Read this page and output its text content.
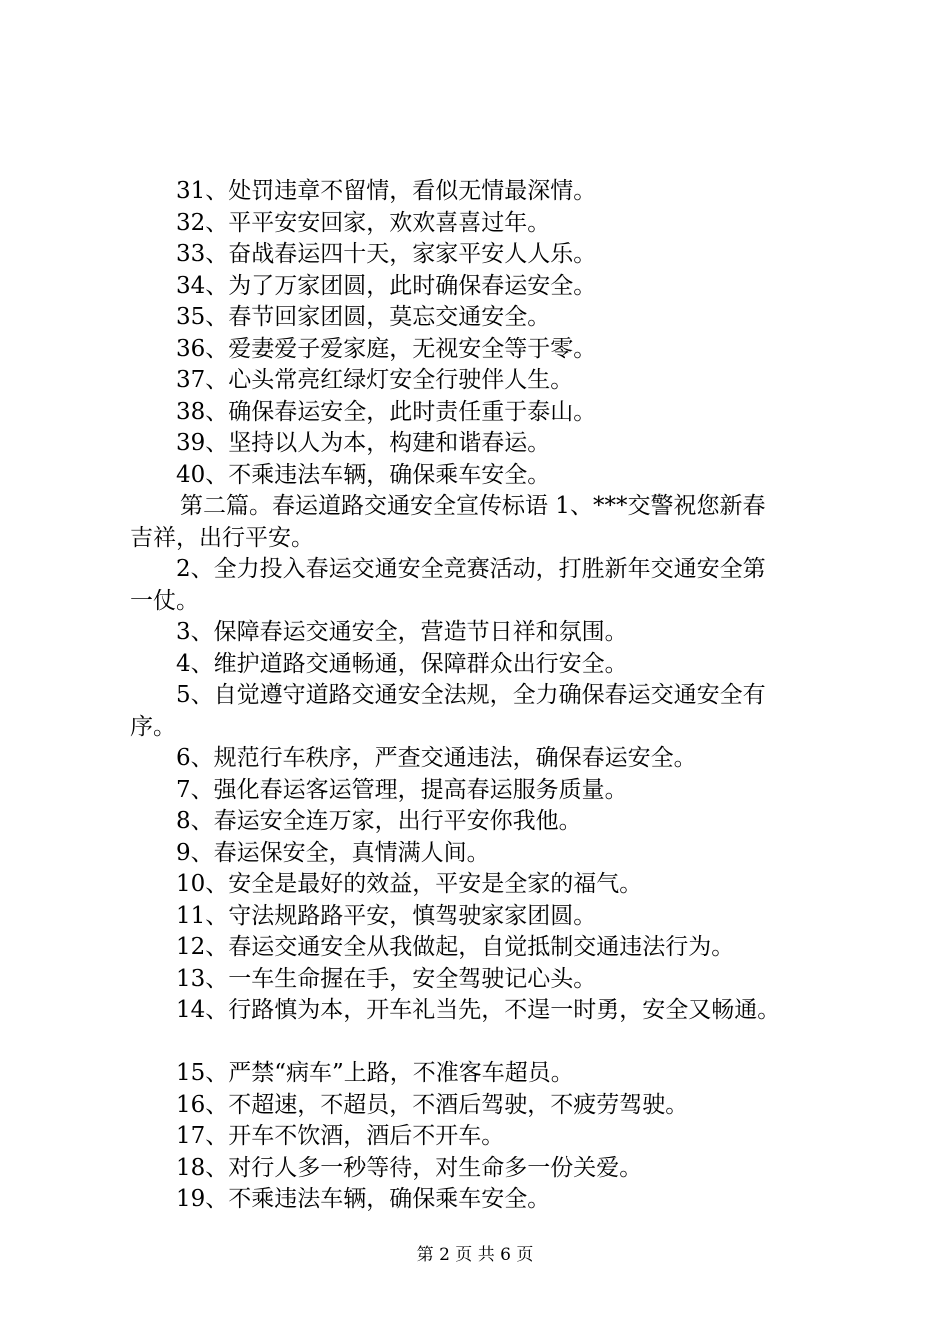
31、处罚违章不留情，看似无情最深情。
32、平平安安回家，欢欢喜喜过年。
33、奋战春运四十天，家家平安人人乐。
34、为了万家团圆，此时确保春运安全。
35、春节回家团圆，莫忘交通安全。
36、爱妻爱子爱家庭，无视安全等于零。
37、心头常亮红绿灯安全行驶伴人生。
38、确保春运安全，此时责任重于泰山。
39、坚持以人为本，构建和谐春运。
40、不乘违法车辆，确保乘车安全。
第二篇。春运道路交通安全宣传标语 1、***交警祝您新春
吉祥，出行平安。
2、全力投入春运交通安全竞赛活动，打胜新年交通安全第
一仗。
3、保障春运交通安全，营造节日祥和氛围。
4、维护道路交通畅通，保障群众出行安全。
5、自觉遵守道路交通安全法规，全力确保春运交通安全有
序。
6、规范行车秩序，严查交通违法，确保春运安全。
7、强化春运客运管理，提高春运服务质量。
8、春运安全连万家，出行平安你我他。
9、春运保安全，真情满人间。
10、安全是最好的效益，平安是全家的福气。
11、守法规路路平安，慎驾驶家家团圆。
12、春运交通安全从我做起，自觉抵制交通违法行为。
13、一车生命握在手，安全驾驶记心头。
14、行路慎为本，开车礼当先，不逞一时勇，安全又畅通。
15、严禁“病车”上路，不准客车超员。
16、不超速，不超员，不酒后驾驶，不疲劳驾驶。
17、开车不饮酒，酒后不开车。
18、对行人多一秒等待，对生命多一份关爱。
19、不乘违法车辆，确保乘车安全。
第 2 页 共 6 页
